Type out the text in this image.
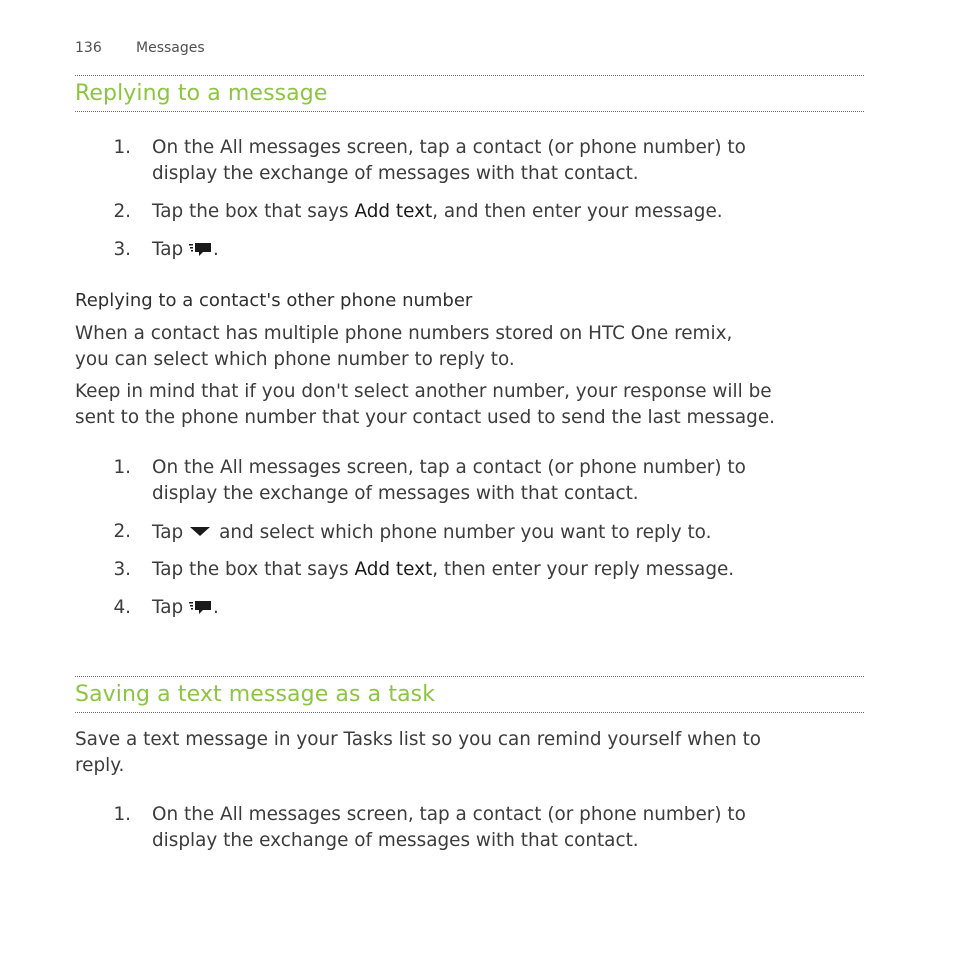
136 Messages
Replying to a message
1. On the All messages screen, tap a contact (or phone number) to
display the exchange of messages with that contact.
2. Tap the box that says Add text, and then enter your message.
3. Tap .
Replying to a contact's other phone number
When a contact has multiple phone numbers stored on HTC One remix,
you can select which phone number to reply to.
Keep in mind that if you don't select another number, your response will be
sent to the phone number that your contact used to send the last message.
1. On the All messages screen, tap a contact (or phone number) to
display the exchange of messages with that contact.
2. Tap and select which phone number you want to reply to.
3. Tap the box that says Add text, then enter your reply message.
4. Tap .
Saving a text message as a task
Save a text message in your Tasks list so you can remind yourself when to
reply.
1. On the All messages screen, tap a contact (or phone number) to
display the exchange of messages with that contact.
